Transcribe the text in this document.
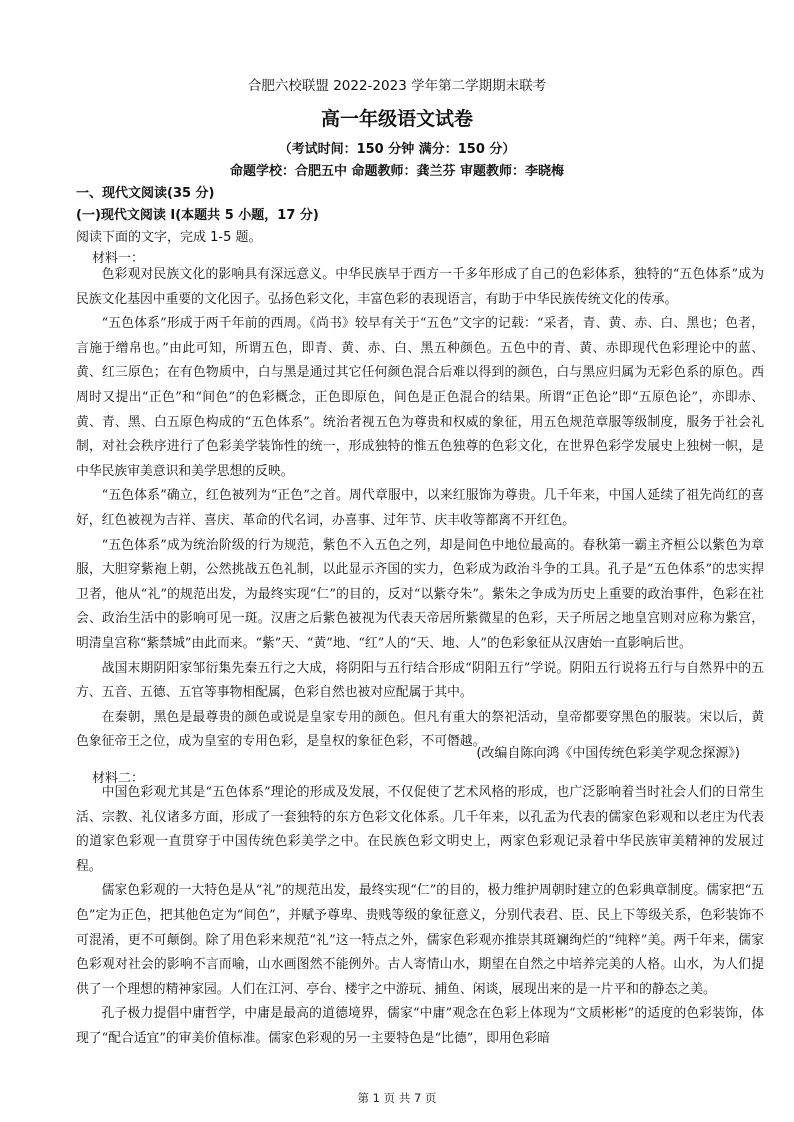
合肥六校联盟 2022-2023 学年第二学期期末联考
高一年级语文试卷
（考试时间：150 分钟 满分：150 分）
命题学校：合肥五中 命题教师：龚兰芬 审题教师：李晓梅
一、现代文阅读(35 分)
(一)现代文阅读 I(本题共 5 小题，17 分)
阅读下面的文字，完成 1-5 题。
材料一：

色彩观对民族文化的影响具有深远意义。中华民族早于西方一千多年形成了自己的色彩体系，独特的“五色体系”成为民族文化基因中重要的文化因子。弘扬色彩文化，丰富色彩的表现语言，有助于中华民族传统文化的传承。

“五色体系”形成于两千年前的西周。《尚书》较早有关于“五色”文字的记载：“采者，青、黄、赤、白、黑也；色者，言施于缯帛也。”由此可知，所谓五色，即青、黄、赤、白、黑五种颜色。五色中的青、黄、赤即现代色彩理论中的蓝、黄、红三原色；在有色物质中，白与黑是通过其它任何颜色混合后难以得到的颜色，白与黑应归属为无彩色系的原色。西周时又提出“正色”和“间色”的色彩概念，正色即原色，间色是正色混合的结果。所谓“正色论”即“五原色论”，亦即赤、黄、青、黑、白五原色构成的“五色体系”。统治者视五色为尊贵和权威的象征，用五色规范章服等级制度，服务于社会礼制，对社会秩序进行了色彩美学装饰性的统一，形成独特的惟五色独尊的色彩文化，在世界色彩学发展史上独树一帜，是中华民族审美意识和美学思想的反映。

“五色体系”确立，红色被列为“正色”之首。周代章服中，以来红服饰为尊贵。几千年来，中国人延续了祖先尚红的喜好，红色被视为吉祥、喜庆、革命的代名词，办喜事、过年节、庆丰收等都离不开红色。

“五色体系”成为统治阶级的行为规范，紫色不入五色之列，却是间色中地位最高的。春秋第一霸主齐桓公以紫色为章服，大胆穿紫袍上朝，公然挑战五色礼制，以此显示齐国的实力，色彩成为政治斗争的工具。孔子是“五色体系”的忠实捍卫者，他从“礼”的规范出发，为最终实现“仁”的目的，反对“以紫夺朱”。紫朱之争成为历史上重要的政治事件，色彩在社会、政治生活中的影响可见一斑。汉唐之后紫色被视为代表天帝居所紫微星的色彩，天子所居之地皇宫则对应称为紫宫，明清皇宫称“紫禁城”由此而来。“紫”天、“黄”地、“红”人的“天、地、人”的色彩象征从汉唐始一直影响后世。

战国末期阴阳家邹衍集先秦五行之大成，将阴阳与五行结合形成“阴阳五行”学说。阴阳五行说将五行与自然界中的五方、五音、五德、五官等事物相配属，色彩自然也被对应配属于其中。

在秦朝，黑色是最尊贵的颜色或说是皇家专用的颜色。但凡有重大的祭祀活动，皇帝都要穿黑色的服装。宋以后，黄色象征帝王之位，成为皇室的专用色彩，是皇权的象征色彩，不可僭越。

(改编自陈向鸿《中国传统色彩美学观念探源》)
材料二：

中国色彩观尤其是“五色体系”理论的形成及发展，不仅促使了艺术风格的形成，也广泛影响着当时社会人们的日常生活、宗教、礼仪诸多方面，形成了一套独特的东方色彩文化体系。几千年来，以孔孟为代表的儒家色彩观和以老庄为代表的道家色彩观一直贯穿于中国传统色彩美学之中。在民族色彩文明史上，两家色彩观记录着中华民族审美精神的发展过程。

儒家色彩观的一大特色是从“礼”的规范出发，最终实现“仁”的目的，极力维护周朝时建立的色彩典章制度。儒家把“五色”定为正色，把其他色定为“间色”，并赋予尊卑、贵贱等级的象征意义，分别代表君、臣、民上下等级关系，色彩装饰不可混淆，更不可颠倒。除了用色彩来规范“礼”这一特点之外，儒家色彩观亦推崇其斑斓绚烂的“纯粹”美。两千年来，儒家色彩观对社会的影响不言而喻，山水画图然不能例外。古人寄情山水，期望在自然之中培养完美的人格。山水，为人们提供了一个理想的精神家园。人们在江河、亭台、楼宇之中游玩、捕鱼、闲谈，展现出来的是一片平和的静态之美。

孔子极力提倡中庸哲学，中庸是最高的道德境界，儒家“中庸”观念在色彩上体现为“文质彬彬”的适度的色彩装饰，体现了“配合适宜”的审美价值标准。儒家色彩观的另一主要特色是“比德”，即用色彩暗

第 1 页 共 7 页
